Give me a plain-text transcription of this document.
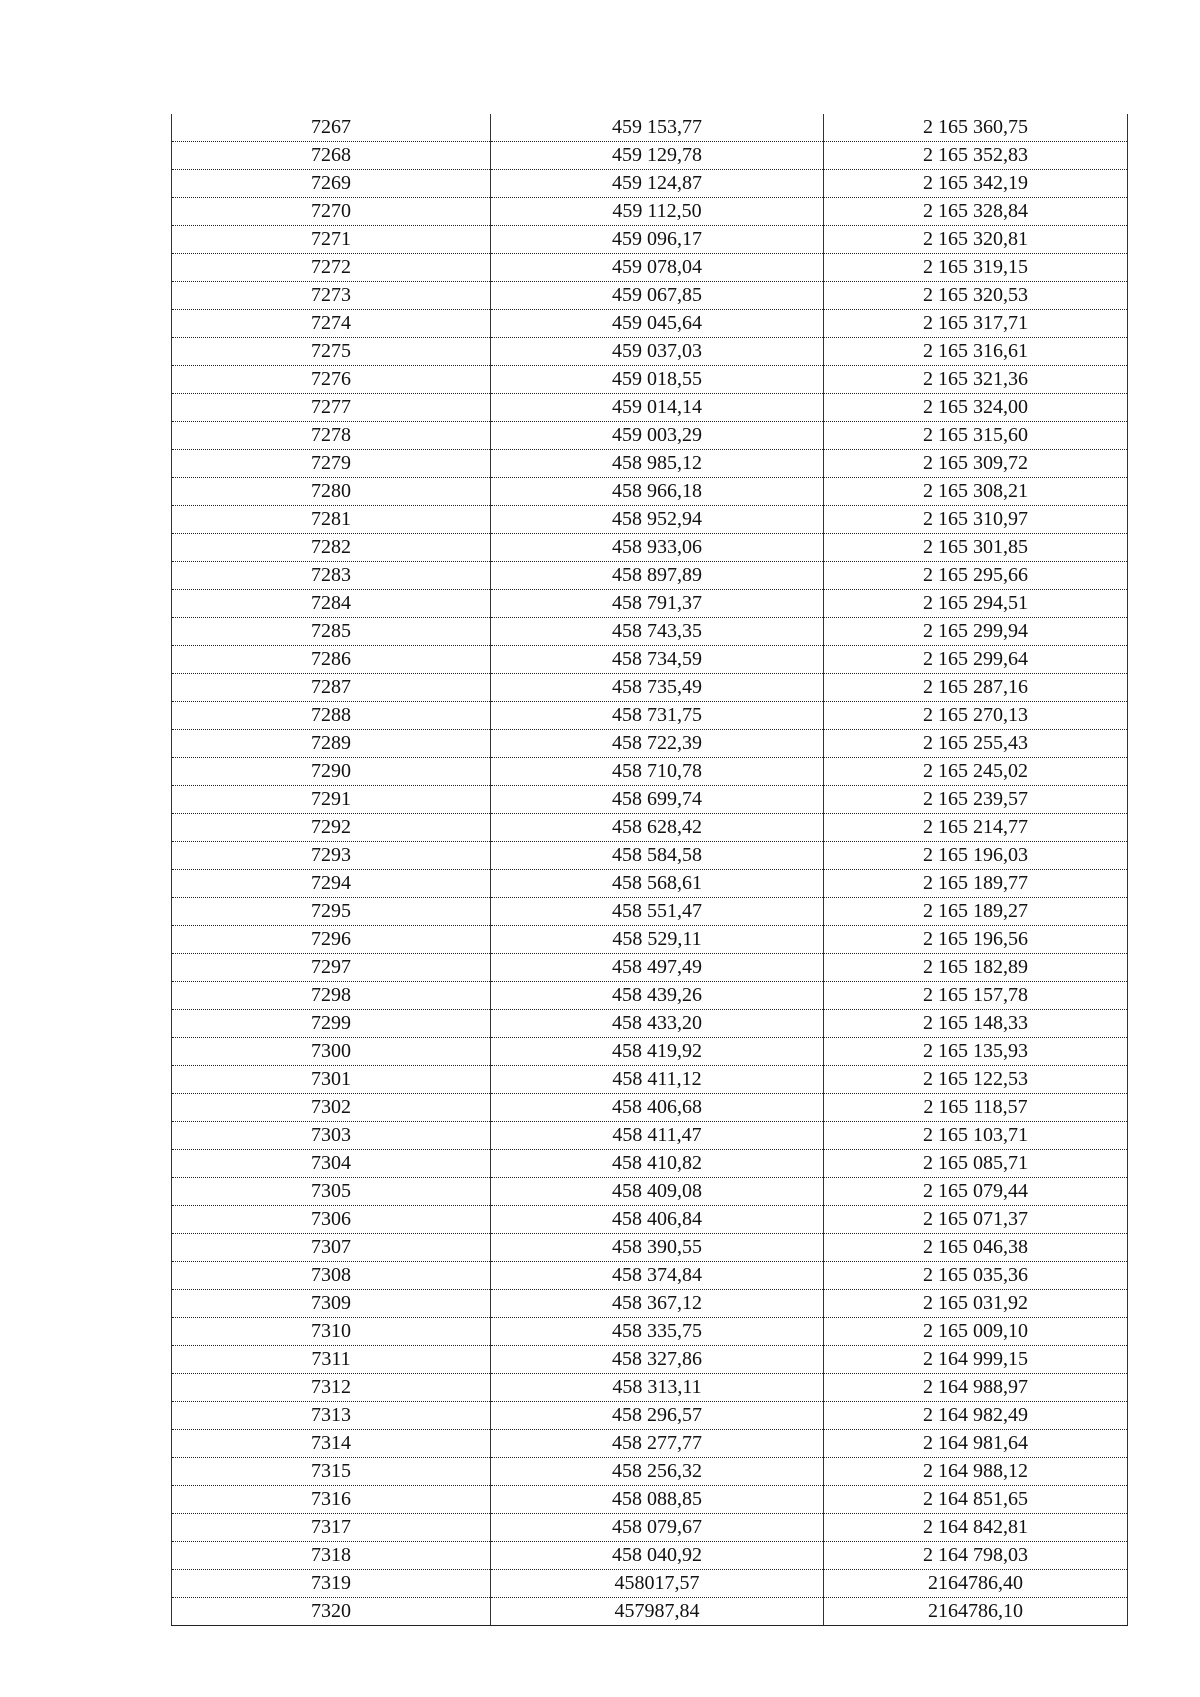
7267	459 153,77	2 165 360,75
7268	459 129,78	2 165 352,83
7269	459 124,87	2 165 342,19
7270	459 112,50	2 165 328,84
7271	459 096,17	2 165 320,81
7272	459 078,04	2 165 319,15
7273	459 067,85	2 165 320,53
7274	459 045,64	2 165 317,71
7275	459 037,03	2 165 316,61
7276	459 018,55	2 165 321,36
7277	459 014,14	2 165 324,00
7278	459 003,29	2 165 315,60
7279	458 985,12	2 165 309,72
7280	458 966,18	2 165 308,21
7281	458 952,94	2 165 310,97
7282	458 933,06	2 165 301,85
7283	458 897,89	2 165 295,66
7284	458 791,37	2 165 294,51
7285	458 743,35	2 165 299,94
7286	458 734,59	2 165 299,64
7287	458 735,49	2 165 287,16
7288	458 731,75	2 165 270,13
7289	458 722,39	2 165 255,43
7290	458 710,78	2 165 245,02
7291	458 699,74	2 165 239,57
7292	458 628,42	2 165 214,77
7293	458 584,58	2 165 196,03
7294	458 568,61	2 165 189,77
7295	458 551,47	2 165 189,27
7296	458 529,11	2 165 196,56
7297	458 497,49	2 165 182,89
7298	458 439,26	2 165 157,78
7299	458 433,20	2 165 148,33
7300	458 419,92	2 165 135,93
7301	458 411,12	2 165 122,53
7302	458 406,68	2 165 118,57
7303	458 411,47	2 165 103,71
7304	458 410,82	2 165 085,71
7305	458 409,08	2 165 079,44
7306	458 406,84	2 165 071,37
7307	458 390,55	2 165 046,38
7308	458 374,84	2 165 035,36
7309	458 367,12	2 165 031,92
7310	458 335,75	2 165 009,10
7311	458 327,86	2 164 999,15
7312	458 313,11	2 164 988,97
7313	458 296,57	2 164 982,49
7314	458 277,77	2 164 981,64
7315	458 256,32	2 164 988,12
7316	458 088,85	2 164 851,65
7317	458 079,67	2 164 842,81
7318	458 040,92	2 164 798,03
7319	458017,57	2164786,40
7320	457987,84	2164786,10
